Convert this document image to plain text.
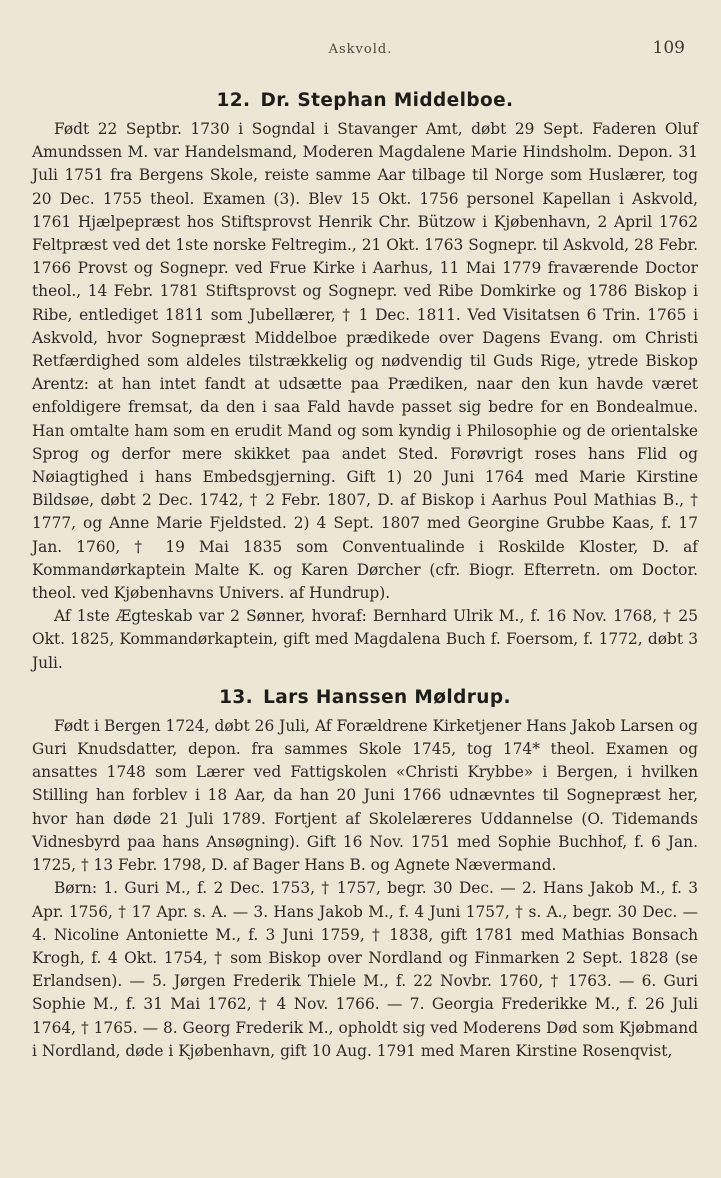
Askvold.	109
12. Dr. Stephan Middelboe.

Født 22 Septbr. 1730 i Sogndal i Stavanger Amt, døbt 29 Sept. Faderen Oluf Amundssen M. var Handelsmand, Moderen Magdalene Marie Hindsholm. Depon. 31 Juli 1751 fra Bergens Skole, reiste samme Aar tilbage til Norge som Huslærer, tog 20 Dec. 1755 theol. Examen (3). Blev 15 Okt. 1756 personel Kapellan i Askvold, 1761 Hjælpepræst hos Stiftsprovst Henrik Chr. Bützow i Kjøbenhavn, 2 April 1762 Feltpræst ved det 1ste norske Feltregim., 21 Okt. 1763 Sognepr. til Askvold, 28 Febr. 1766 Provst og Sognepr. ved Frue Kirke i Aarhus, 11 Mai 1779 fraværende Doctor theol., 14 Febr. 1781 Stiftsprovst og Sognepr. ved Ribe Domkirke og 1786 Biskop i Ribe, entlediget 1811 som Jubellærer, † 1 Dec. 1811. Ved Visitatsen 6 Trin. 1765 i Askvold, hvor Sognepræst Middelboe prædikede over Dagens Evang. om Christi Retfærdighed som aldeles tilstrækkelig og nødvendig til Guds Rige, ytrede Biskop Arentz: at han intet fandt at udsætte paa Prædiken, naar den kun havde været enfoldigere fremsat, da den i saa Fald havde passet sig bedre for en Bondealmue. Han omtalte ham som en erudit Mand og som kyndig i Philosophie og de orientalske Sprog og derfor mere skikket paa andet Sted. Forøvrigt roses hans Flid og Nøiagtighed i hans Embedsgjerning. Gift 1) 20 Juni 1764 med Marie Kirstine Bildsøe, døbt 2 Dec. 1742, † 2 Febr. 1807, D. af Biskop i Aarhus Poul Mathias B., † 1777, og Anne Marie Fjeldsted. 2) 4 Sept. 1807 med Georgine Grubbe Kaas, f. 17 Jan. 1760, † 19 Mai 1835 som Conventualinde i Roskilde Kloster, D. af Kommandørkaptein Malte K. og Karen Dørcher (cfr. Biogr. Efterretn. om Doctor. theol. ved Kjøbenhavns Univers. af Hundrup).

Af 1ste Ægteskab var 2 Sønner, hvoraf: Bernhard Ulrik M., f. 16 Nov. 1768, † 25 Okt. 1825, Kommandørkaptein, gift med Magdalena Buch f. Foersom, f. 1772, døbt 3 Juli.

13. Lars Hanssen Møldrup.

Født i Bergen 1724, døbt 26 Juli, Af Forældrene Kirketjener Hans Jakob Larsen og Guri Knudsdatter, depon. fra sammes Skole 1745, tog 174* theol. Examen og ansattes 1748 som Lærer ved Fattigskolen «Christi Krybbe» i Bergen, i hvilken Stilling han forblev i 18 Aar, da han 20 Juni 1766 udnævntes til Sognepræst her, hvor han døde 21 Juli 1789. Fortjent af Skolelæreres Uddannelse (O. Tidemands Vidnesbyrd paa hans Ansøgning). Gift 16 Nov. 1751 med Sophie Buchhof, f. 6 Jan. 1725, † 13 Febr. 1798, D. af Bager Hans B. og Agnete Nævermand.

Børn: 1. Guri M., f. 2 Dec. 1753, † 1757, begr. 30 Dec. — 2. Hans Jakob M., f. 3 Apr. 1756, † 17 Apr. s. A. — 3. Hans Jakob M., f. 4 Juni 1757, † s. A., begr. 30 Dec. — 4. Nicoline Antoniette M., f. 3 Juni 1759, † 1838, gift 1781 med Mathias Bonsach Krogh, f. 4 Okt. 1754, † som Biskop over Nordland og Finmarken 2 Sept. 1828 (se Erlandsen). — 5. Jørgen Frederik Thiele M., f. 22 Novbr. 1760, † 1763. — 6. Guri Sophie M., f. 31 Mai 1762, † 4 Nov. 1766. — 7. Georgia Frederikke M., f. 26 Juli 1764, † 1765. — 8. Georg Frederik M., opholdt sig ved Moderens Død som Kjøbmand i Nordland, døde i Kjøbenhavn, gift 10 Aug. 1791 med Maren Kirstine Rosenqvist,
